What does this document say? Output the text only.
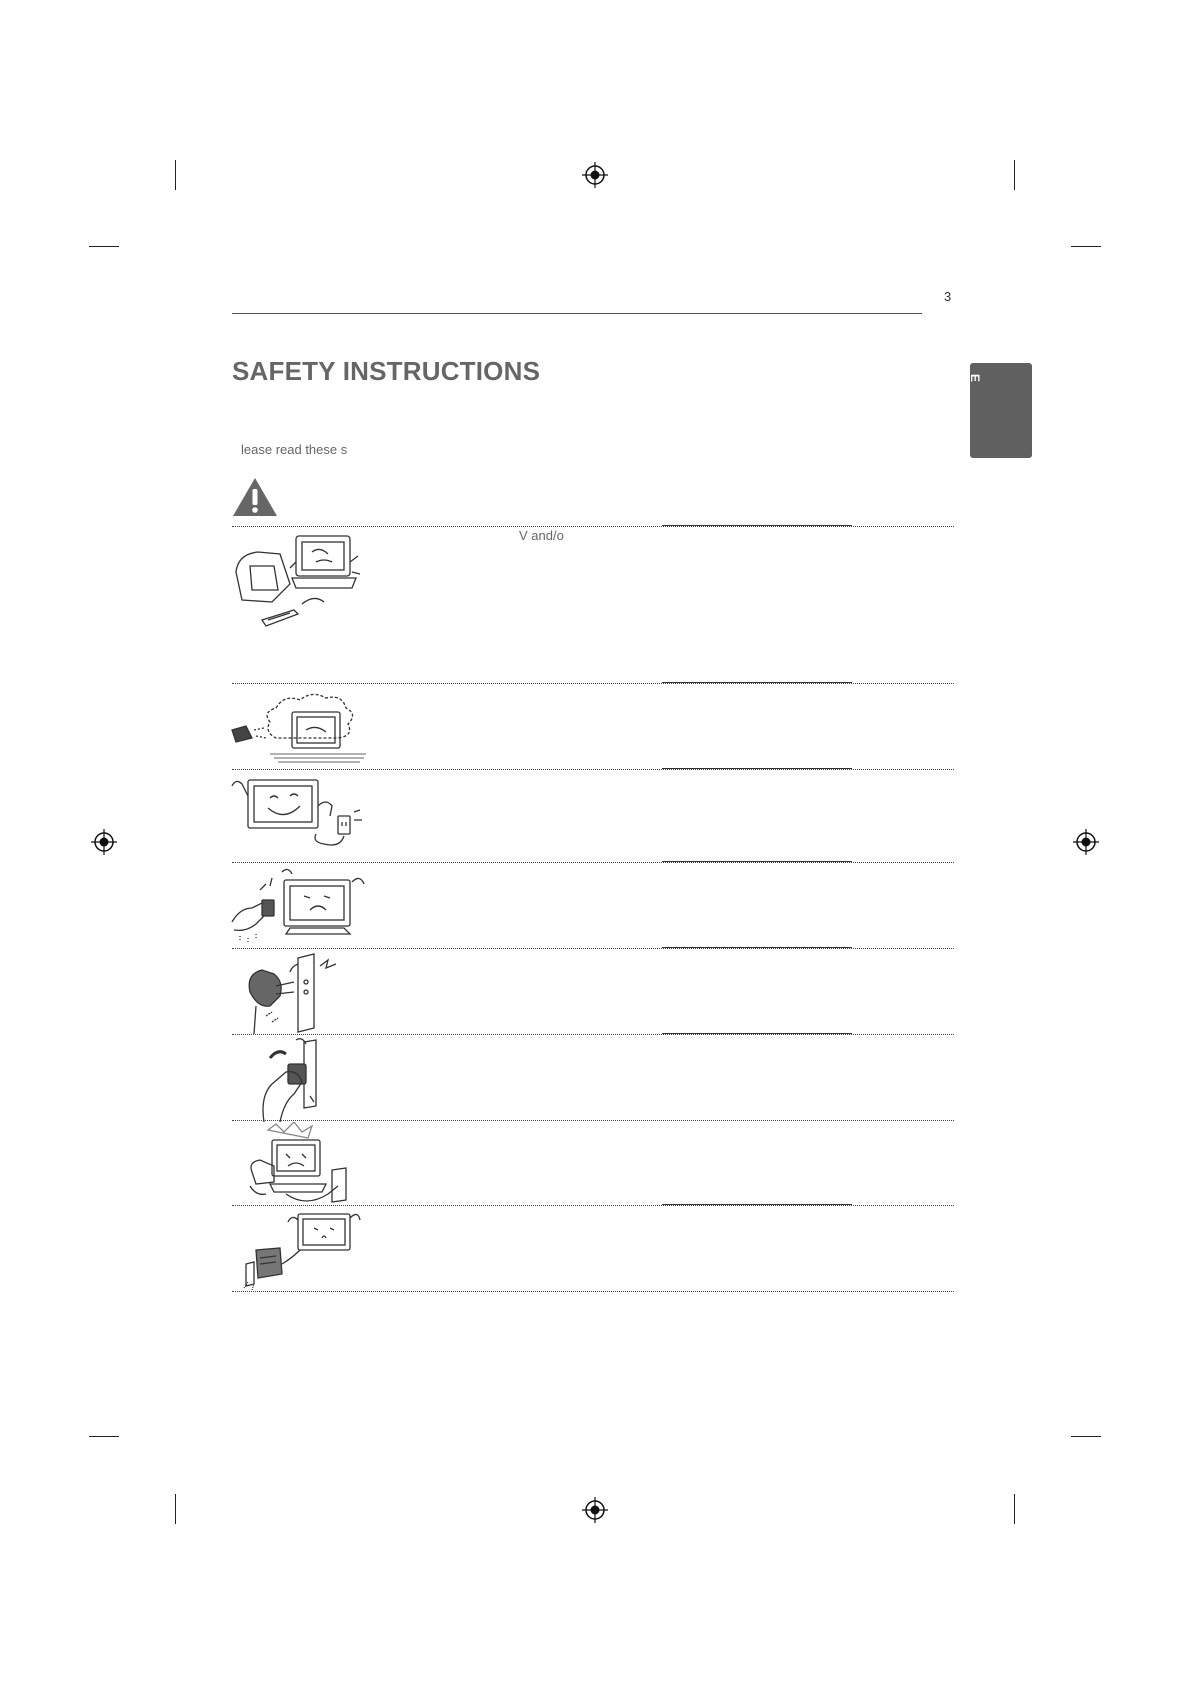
3
E
SAFETY INSTRUCTIONS
lease read these s
V and/o
